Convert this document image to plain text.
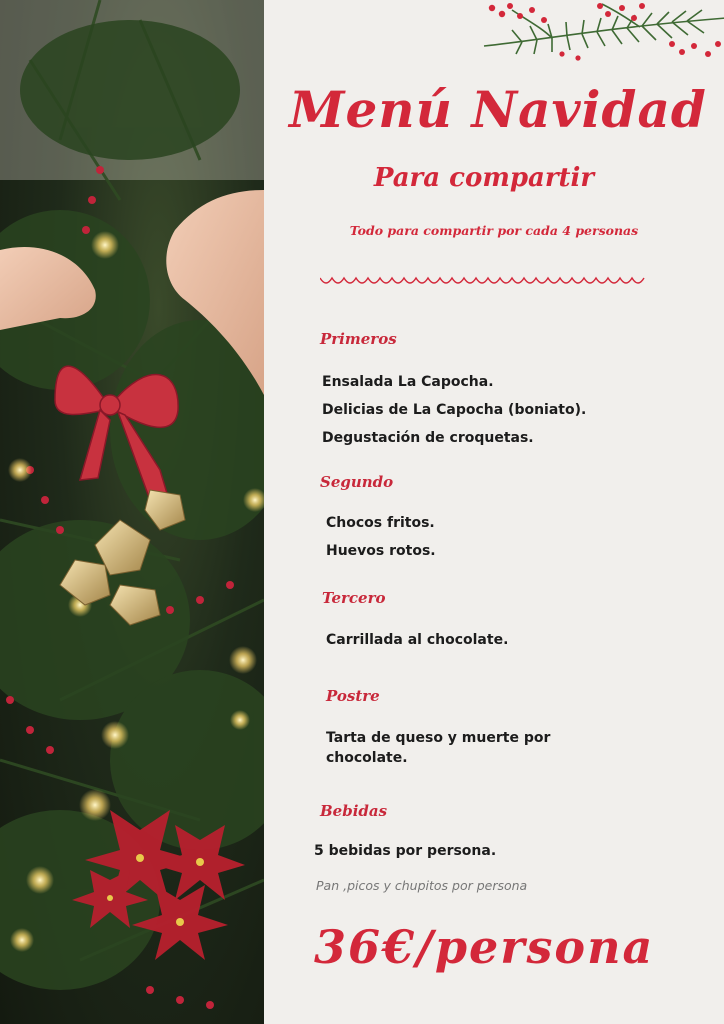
Menú Navidad
Para compartir
Todo para compartir por cada 4 personas
Primeros
Ensalada La Capocha.
Delicias de La Capocha (boniato).
Degustación de croquetas.
Segundo
Chocos fritos.
Huevos rotos.
Tercero
Carrillada al chocolate.
Postre
Tarta de queso y muerte por chocolate.
Bebidas
5 bebidas por persona.
Pan ,picos y chupitos por persona
36€/persona
